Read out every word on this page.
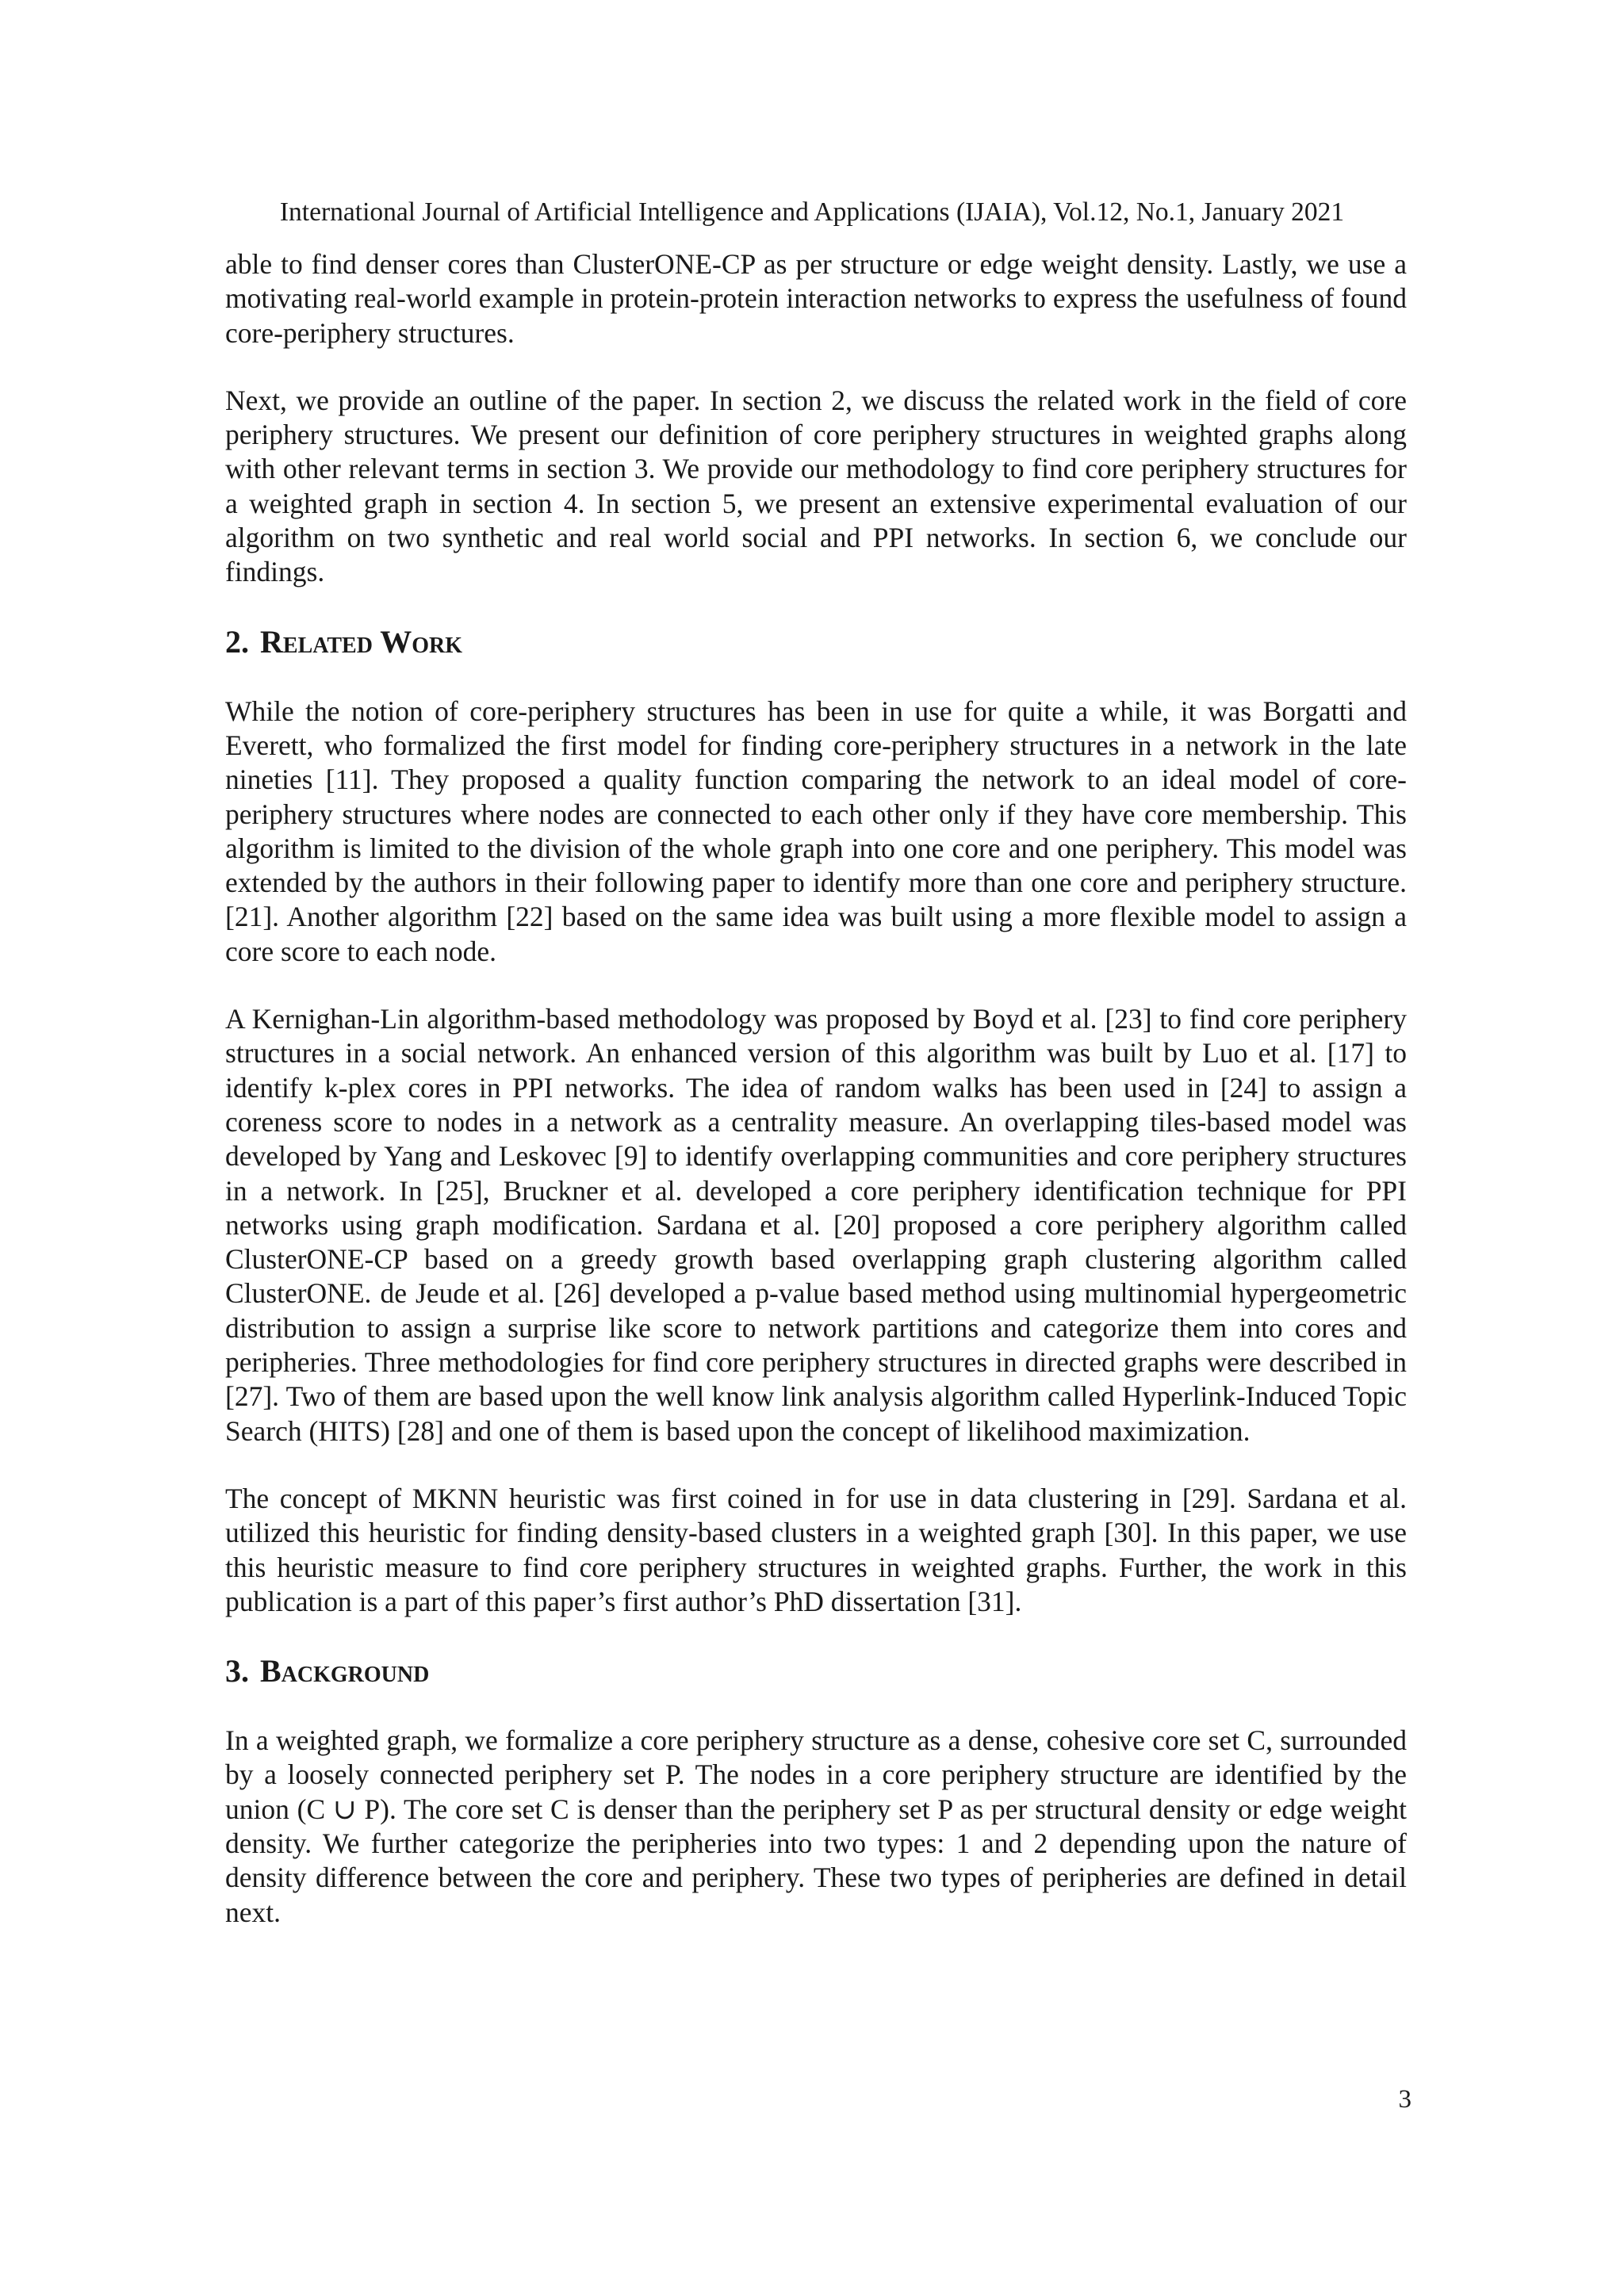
International Journal of Artificial Intelligence and Applications (IJAIA), Vol.12, No.1, January 2021

able to find denser cores than ClusterONE-CP as per structure or edge weight density. Lastly, we use a motivating real-world example in protein-protein interaction networks to express the usefulness of found core-periphery structures.

Next, we provide an outline of the paper. In section 2, we discuss the related work in the field of core periphery structures. We present our definition of core periphery structures in weighted graphs along with other relevant terms in section 3. We provide our methodology to find core periphery structures for a weighted graph in section 4. In section 5, we present an extensive experimental evaluation of our algorithm on two synthetic and real world social and PPI networks. In section 6, we conclude our findings.

2. Related Work

While the notion of core-periphery structures has been in use for quite a while, it was Borgatti and Everett, who formalized the first model for finding core-periphery structures in a network in the late nineties [11]. They proposed a quality function comparing the network to an ideal model of core-periphery structures where nodes are connected to each other only if they have core membership. This algorithm is limited to the division of the whole graph into one core and one periphery. This model was extended by the authors in their following paper to identify more than one core and periphery structure. [21]. Another algorithm [22] based on the same idea was built using a more flexible model to assign a core score to each node.

A Kernighan-Lin algorithm-based methodology was proposed by Boyd et al. [23] to find core periphery structures in a social network. An enhanced version of this algorithm was built by Luo et al. [17] to identify k-plex cores in PPI networks. The idea of random walks has been used in [24] to assign a coreness score to nodes in a network as a centrality measure. An overlapping tiles-based model was developed by Yang and Leskovec [9] to identify overlapping communities and core periphery structures in a network. In [25], Bruckner et al. developed a core periphery identification technique for PPI networks using graph modification. Sardana et al. [20] proposed a core periphery algorithm called ClusterONE-CP based on a greedy growth based overlapping graph clustering algorithm called ClusterONE. de Jeude et al. [26] developed a p-value based method using multinomial hypergeometric distribution to assign a surprise like score to network partitions and categorize them into cores and peripheries. Three methodologies for find core periphery structures in directed graphs were described in [27]. Two of them are based upon the well know link analysis algorithm called Hyperlink-Induced Topic Search (HITS) [28] and one of them is based upon the concept of likelihood maximization.

The concept of MKNN heuristic was first coined in for use in data clustering in [29]. Sardana et al. utilized this heuristic for finding density-based clusters in a weighted graph [30]. In this paper, we use this heuristic measure to find core periphery structures in weighted graphs. Further, the work in this publication is a part of this paper’s first author’s PhD dissertation [31].

3. Background

In a weighted graph, we formalize a core periphery structure as a dense, cohesive core set C, surrounded by a loosely connected periphery set P. The nodes in a core periphery structure are identified by the union (C ∪ P). The core set C is denser than the periphery set P as per structural density or edge weight density. We further categorize the peripheries into two types: 1 and 2 depending upon the nature of density difference between the core and periphery. These two types of peripheries are defined in detail next.

3
